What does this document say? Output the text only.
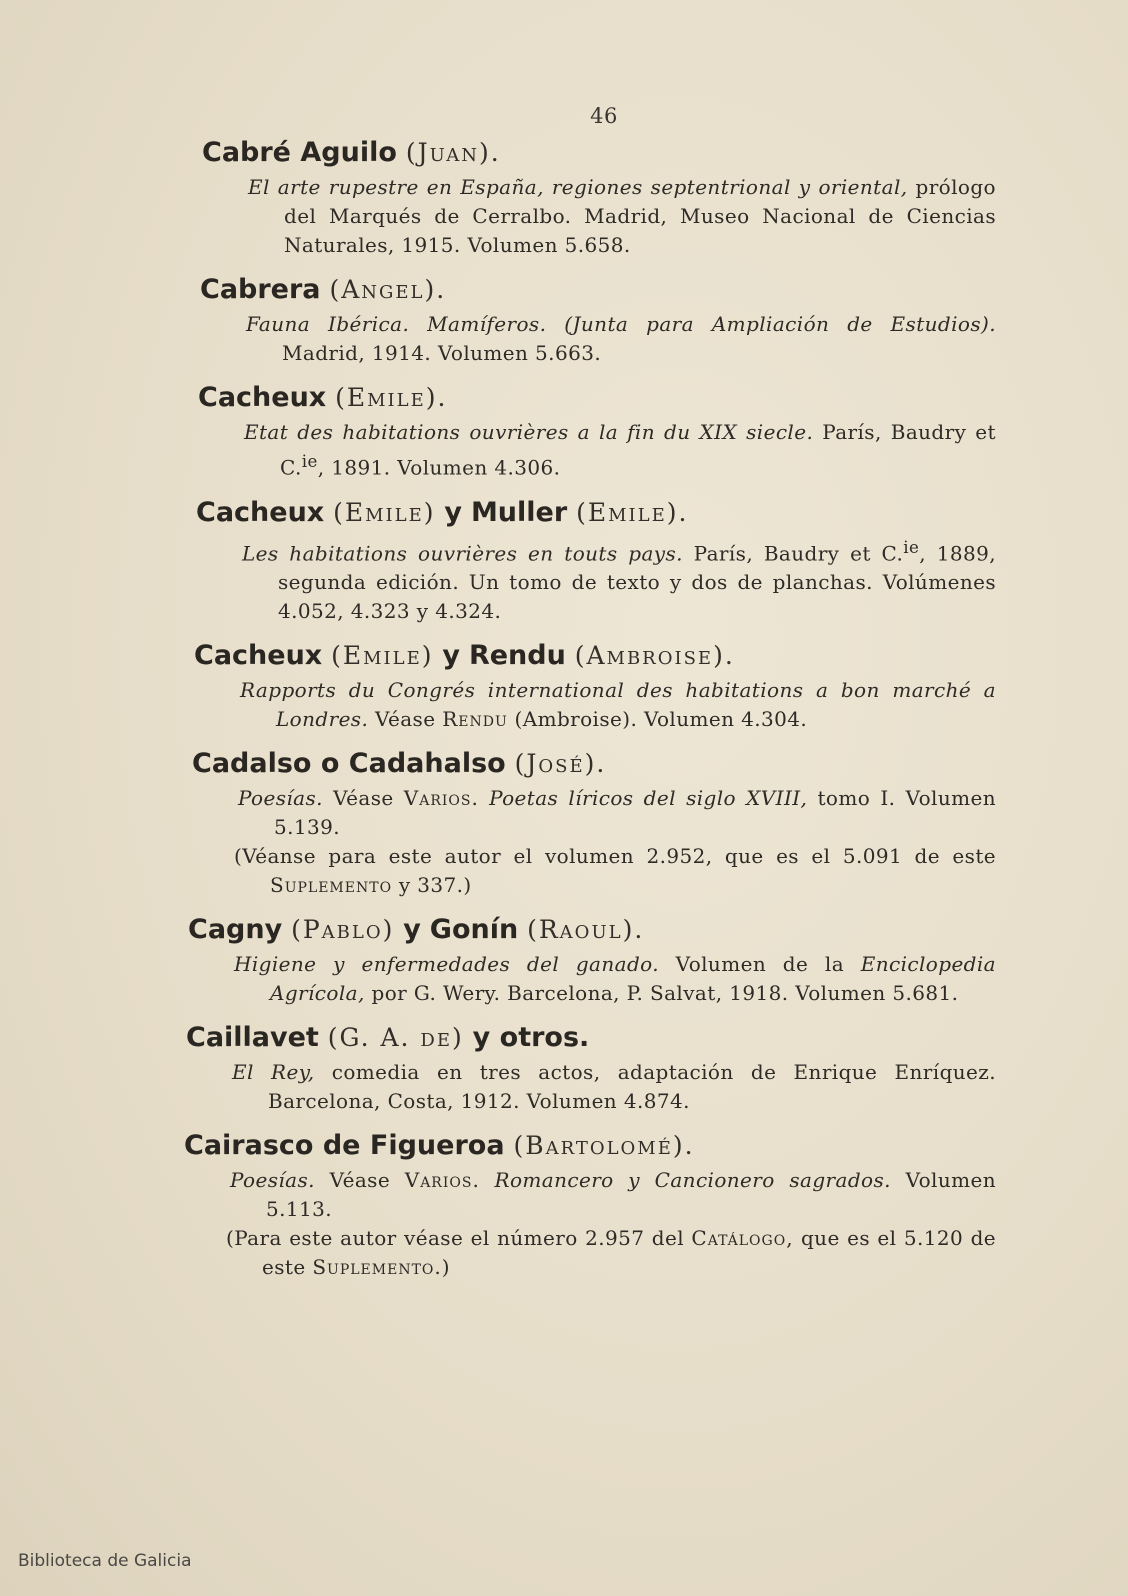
46
Cabré Aguilo (Juan).
El arte rupestre en España, regiones septentrional y oriental, prólogo del Marqués de Cerralbo. Madrid, Museo Nacional de Ciencias Naturales, 1915. Volumen 5.658.
Cabrera (Angel).
Fauna Ibérica. Mamíferos. (Junta para Ampliación de Estudios). Madrid, 1914. Volumen 5.663.
Cacheux (Emile).
Etat des habitations ouvrières a la fin du XIX siecle. París, Baudry et C.$^{ie}$, 1891. Volumen 4.306.
Cacheux (Emile) y Muller (Emile).
Les habitations ouvrières en touts pays. París, Baudry et C.$^{ie}$, 1889, segunda edición. Un tomo de texto y dos de planchas. Volúmenes 4.052, 4.323 y 4.324.
Cacheux (Emile) y Rendu (Ambroise).
Rapports du Congrés international des habitations a bon marché a Londres. Véase Rendu (Ambroise). Volumen 4.304.
Cadalso o Cadahalso (José).
Poesías. Véase Varios. Poetas líricos del siglo XVIII, tomo I. Volumen 5.139.
(Véanse para este autor el volumen 2.952, que es el 5.091 de este Suplemento y 337.)
Cagny (Pablo) y Gonín (Raoul).
Higiene y enfermedades del ganado. Volumen de la Enciclopedia Agrícola, por G. Wery. Barcelona, P. Salvat, 1918. Volumen 5.681.
Caillavet (G. A. de) y otros.
El Rey, comedia en tres actos, adaptación de Enrique Enríquez. Barcelona, Costa, 1912. Volumen 4.874.
Cairasco de Figueroa (Bartolomé).
Poesías. Véase Varios. Romancero y Cancionero sagrados. Volumen 5.113.
(Para este autor véase el número 2.957 del Catálogo, que es el 5.120 de este Suplemento.)
Biblioteca de Galicia
